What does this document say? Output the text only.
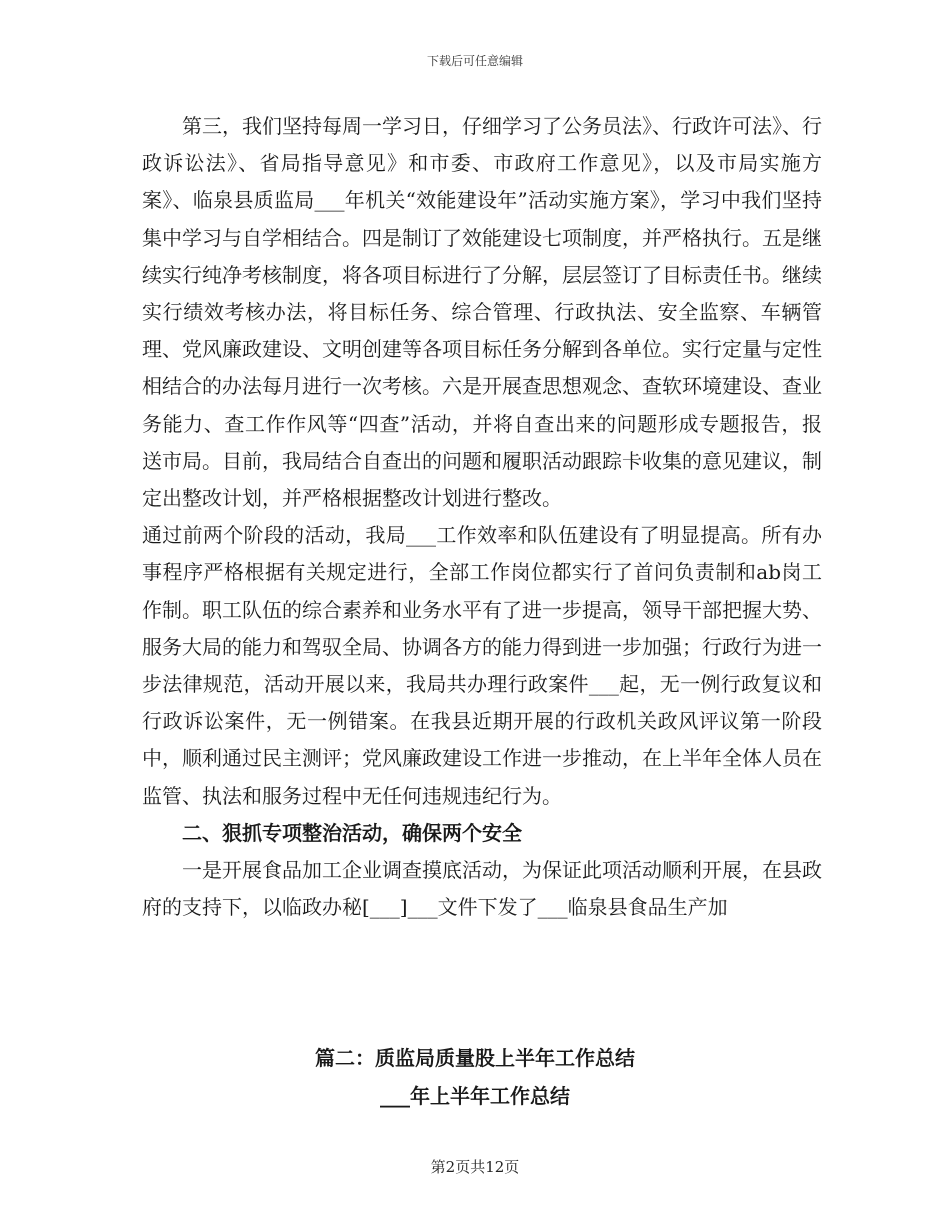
下载后可任意编辑

第三，我们坚持每周一学习日，仔细学习了公务员法》、行政许可法》、行政诉讼法》、省局指导意见》和市委、市政府工作意见》，以及市局实施方案》、临泉县质监局___年机关“效能建设年”活动实施方案》，学习中我们坚持集中学习与自学相结合。四是制订了效能建设七项制度，并严格执行。五是继续实行纯净考核制度，将各项目标进行了分解，层层签订了目标责任书。继续实行绩效考核办法，将目标任务、综合管理、行政执法、安全监察、车辆管理、党风廉政建设、文明创建等各项目标任务分解到各单位。实行定量与定性相结合的办法每月进行一次考核。六是开展查思想观念、查软环境建设、查业务能力、查工作作风等“四查”活动，并将自查出来的问题形成专题报告，报送市局。目前，我局结合自查出的问题和履职活动跟踪卡收集的意见建议，制定出整改计划，并严格根据整改计划进行整改。

通过前两个阶段的活动，我局___工作效率和队伍建设有了明显提高。所有办事程序严格根据有关规定进行，全部工作岗位都实行了首问负责制和ab岗工作制。职工队伍的综合素养和业务水平有了进一步提高，领导干部把握大势、服务大局的能力和驾驭全局、协调各方的能力得到进一步加强；行政行为进一步法律规范，活动开展以来，我局共办理行政案件___起，无一例行政复议和行政诉讼案件，无一例错案。在我县近期开展的行政机关政风评议第一阶段中，顺利通过民主测评；党风廉政建设工作进一步推动，在上半年全体人员在监管、执法和服务过程中无任何违规违纪行为。

二、狠抓专项整治活动，确保两个安全

一是开展食品加工企业调查摸底活动，为保证此项活动顺利开展，在县政府的支持下，以临政办秘[___]___文件下发了___临泉县食品生产加

篇二：质监局质量股上半年工作总结
___年上半年工作总结
第2页共12页
